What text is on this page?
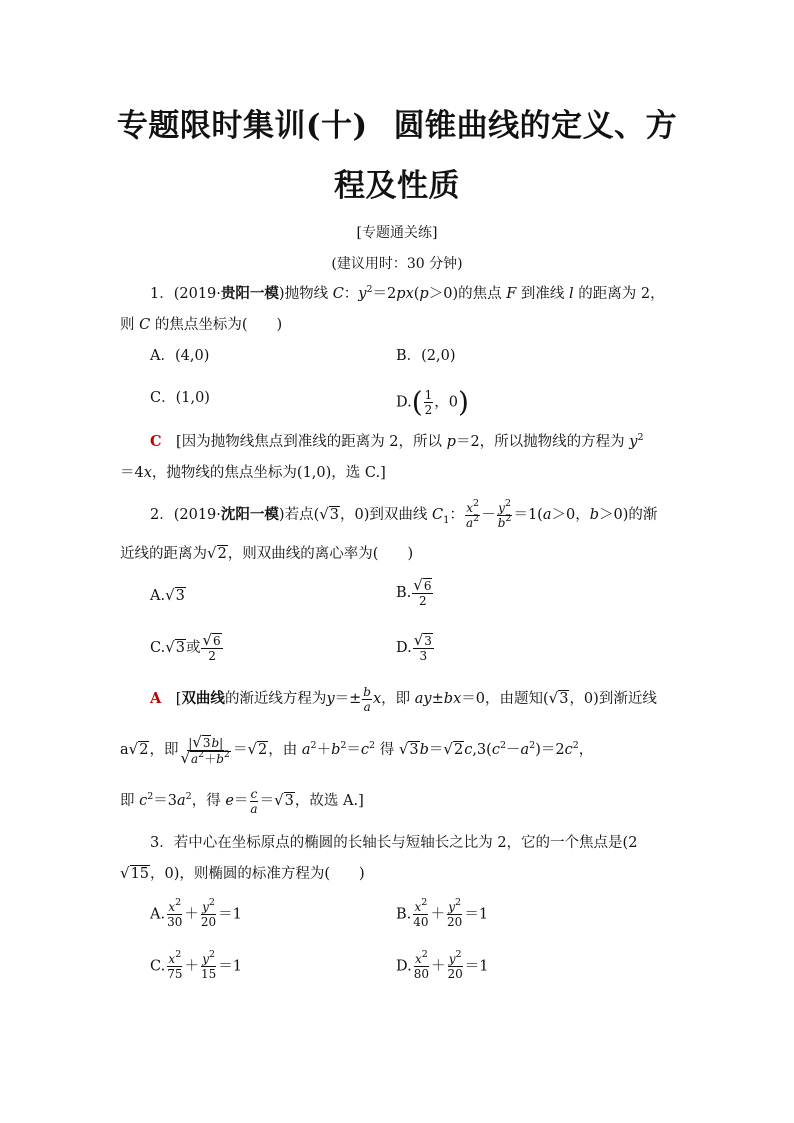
专题限时集训(十) 圆锥曲线的定义、方
程及性质
[专题通关练]
(建议用时：30 分钟)
1．(2019·贵阳一模)抛物线 C：$y^2=2px(p>0)$的焦点 F 到准线 l 的距离为 2，
则 C 的焦点坐标为(　　)
A．(4,0)	B．(2,0)
C．(1,0)	$D.( \frac{1}{2}$ ，0)
C　 [因为抛物线焦点到准线的距离为 2，所以 p＝2，所以抛物线的方程为 $y^2$
＝4x，抛物线的焦点坐标为(1,0)，选 C.]
2．(2019·沈阳一模)若点(√3，0)到双曲线 $C_1$： $\frac{x^2}{a^2} - \frac{y^2}{b^2} =1(a>0$，b＞0)的渐
近线的距离为√2，则双曲线的离心率为(　　)
A.√3	B. $\frac{√6}{2}$
C.√3或 $\frac{√6}{2}$	D. $\frac{√3}{3}$
A　 [双曲线的渐近线方程为$y=\pm \frac{b}{a}$ x，即 ay±bx＝0，由题知(√3，0)到渐近线
a√2，即 $\frac{|√3b|}{√a^2+b^2} =√2$，由 $a^2+b^2=c^2$ 得 $√3b=√2c,3(c^2-a^2)=2c^2$，
即 $c^2=3a^2$，得 $e= \frac{c}{a} =√3$，故选 A.]
3．若中心在坐标原点的椭圆的长轴长与短轴长之比为 2，它的一个焦点是(2
√15，0)，则椭圆的标准方程为(　　)
A. $\frac{x^2}{30} + \frac{y^2}{20} =1$	B. $\frac{x^2}{40} + \frac{y^2}{20} =1$
C. $\frac{x^2}{75} + \frac{y^2}{15} =1$	D. $\frac{x^2}{80} + \frac{y^2}{20} =1$
